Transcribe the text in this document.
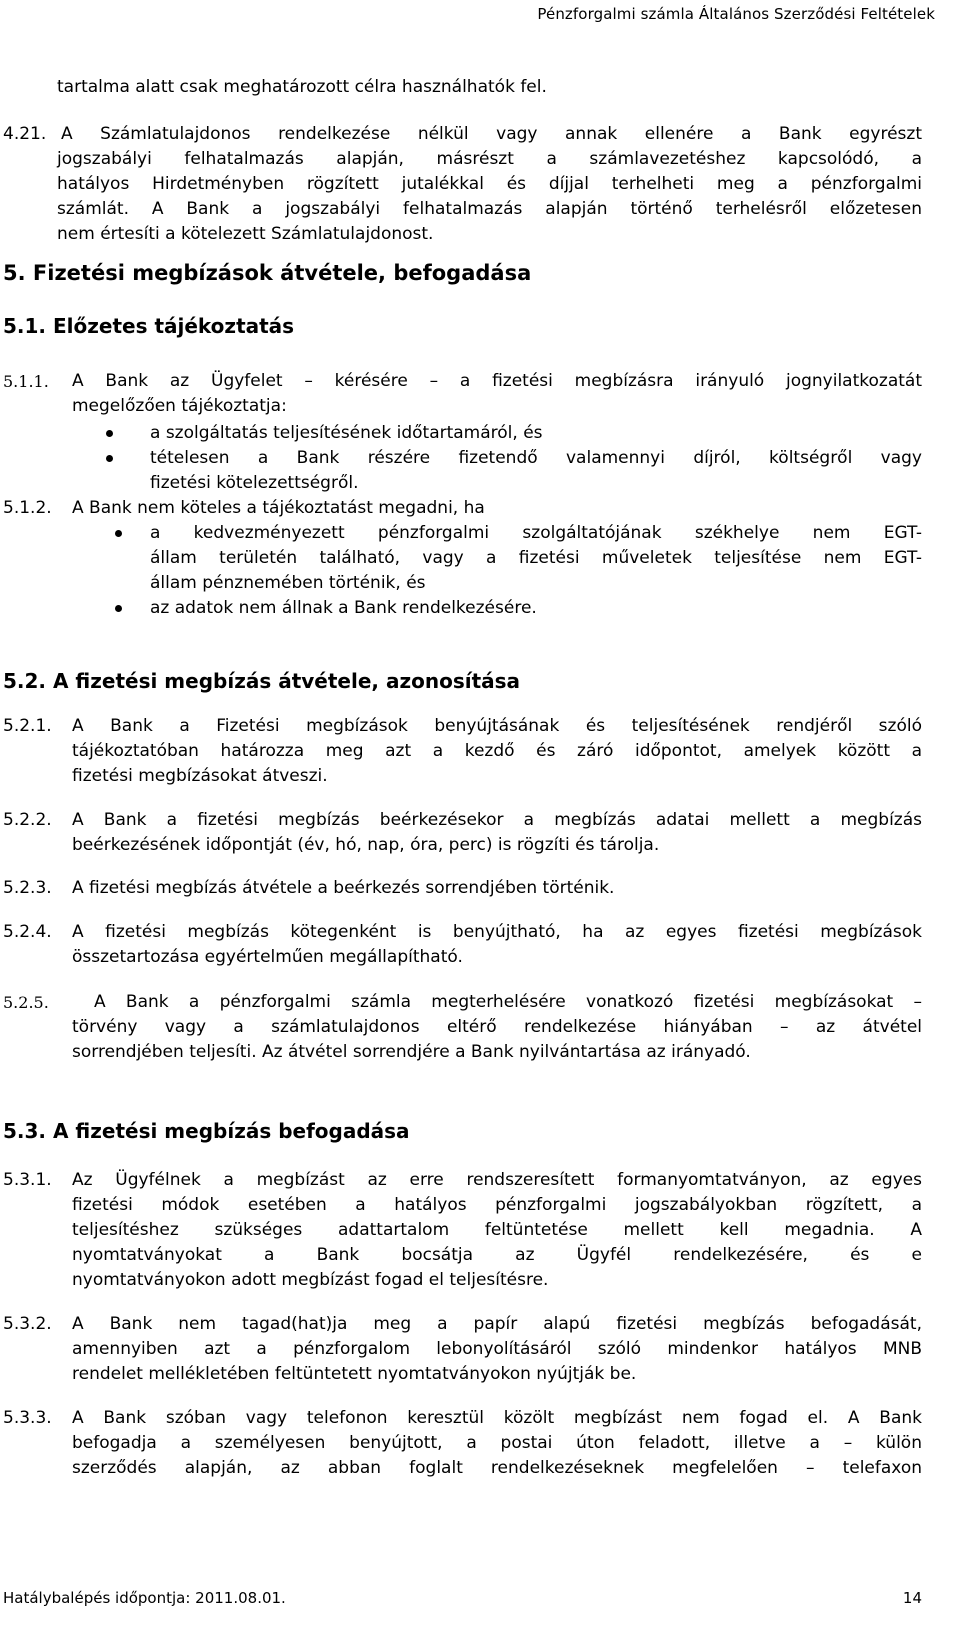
Pénzforgalmi számla Általános Szerződési Feltételek
tartalma alatt csak meghatározott célra használhatók fel.
4.21. A Számlatulajdonos rendelkezése nélkül vagy annak ellenére a Bank egyrészt
jogszabályi felhatalmazás alapján, másrészt a számlavezetéshez kapcsolódó, a
hatályos Hirdetményben rögzített jutalékkal és díjjal terhelheti meg a pénzforgalmi
számlát. A Bank a jogszabályi felhatalmazás alapján történő terhelésről előzetesen
nem értesíti a kötelezett Számlatulajdonost.
5. Fizetési megbízások átvétele, befogadása
5.1. Előzetes tájékoztatás
5.1.1. A Bank az Ügyfelet – kérésére – a fizetési megbízásra irányuló jognyilatkozatát
megelőzően tájékoztatja:
a szolgáltatás teljesítésének időtartamáról, és
tételesen a Bank részére fizetendő valamennyi díjról, költségről vagy
fizetési kötelezettségről.
5.1.2. A Bank nem köteles a tájékoztatást megadni, ha
a kedvezményezett pénzforgalmi szolgáltatójának székhelye nem EGT-
állam területén található, vagy a fizetési műveletek teljesítése nem EGT-
állam pénznemében történik, és
az adatok nem állnak a Bank rendelkezésére.
5.2. A fizetési megbízás átvétele, azonosítása
5.2.1. A Bank a Fizetési megbízások benyújtásának és teljesítésének rendjéről szóló
tájékoztatóban határozza meg azt a kezdő és záró időpontot, amelyek között a
fizetési megbízásokat átveszi.
5.2.2. A Bank a fizetési megbízás beérkezésekor a megbízás adatai mellett a megbízás
beérkezésének időpontját (év, hó, nap, óra, perc) is rögzíti és tárolja.
5.2.3. A fizetési megbízás átvétele a beérkezés sorrendjében történik.
5.2.4. A fizetési megbízás kötegenként is benyújtható, ha az egyes fizetési megbízások
összetartozása egyértelműen megállapítható.
5.2.5.	A Bank a pénzforgalmi számla megterhelésére vonatkozó fizetési megbízásokat –
törvény vagy a számlatulajdonos eltérő rendelkezése hiányában – az átvétel
sorrendjében teljesíti. Az átvétel sorrendjére a Bank nyilvántartása az irányadó.
5.3. A fizetési megbízás befogadása
5.3.1. Az Ügyfélnek a megbízást az erre rendszeresített formanyomtatványon, az egyes
fizetési módok esetében a hatályos pénzforgalmi jogszabályokban rögzített, a
teljesítéshez szükséges adattartalom feltüntetése mellett kell megadnia. A
nyomtatványokat a Bank bocsátja az Ügyfél rendelkezésére, és e
nyomtatványokon adott megbízást fogad el teljesítésre.
5.3.2. A Bank nem tagad(hat)ja meg a papír alapú fizetési megbízás befogadását,
amennyiben azt a pénzforgalom lebonyolításáról szóló mindenkor hatályos MNB
rendelet mellékletében feltüntetett nyomtatványokon nyújtják be.
5.3.3. A Bank szóban vagy telefonon keresztül közölt megbízást nem fogad el. A Bank
befogadja a személyesen benyújtott, a postai úton feladott, illetve a – külön
szerződés alapján, az abban foglalt rendelkezéseknek megfelelően – telefaxon
Hatálybalépés időpontja: 2011.08.01.	14
